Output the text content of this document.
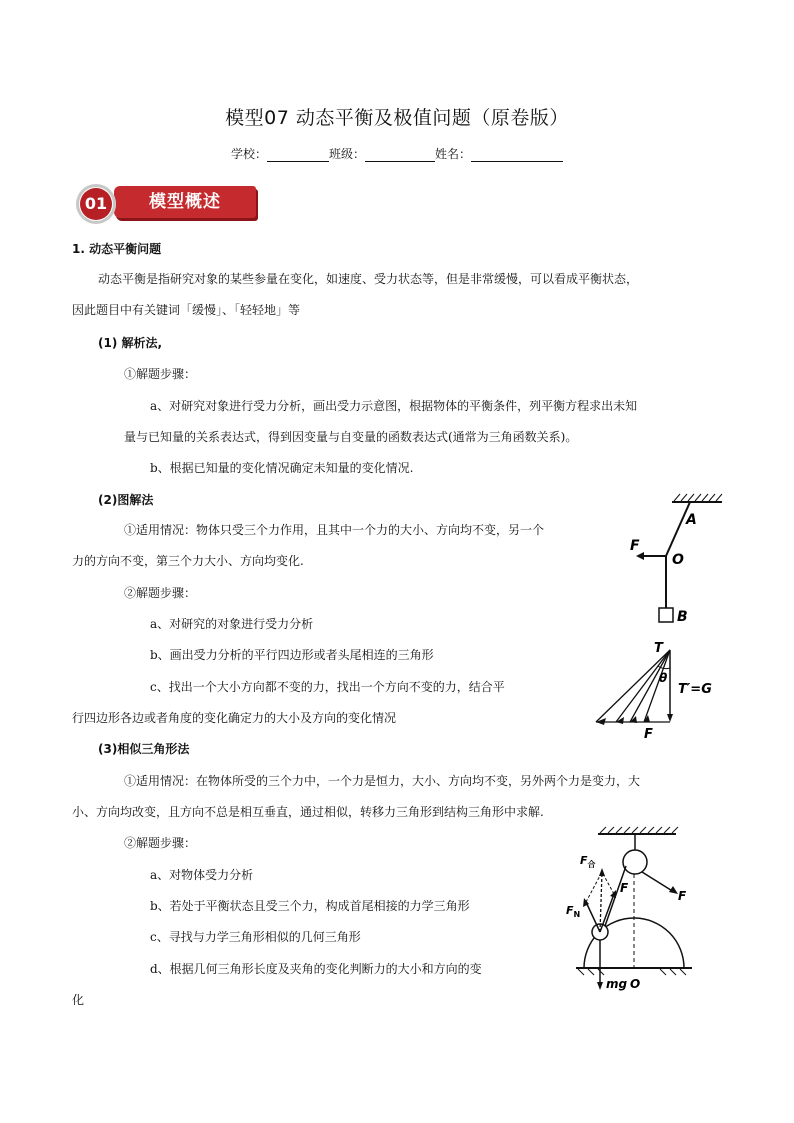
模型07 动态平衡及极值问题（原卷版）
学校：	班级：	姓名：
模型概述
01
1. 动态平衡问题
动态平衡是指研究对象的某些参量在变化，如速度、受力状态等，但是非常缓慢，可以看成平衡状态，
因此题目中有关键词「缓慢」、「轻轻地」等
(1) 解析法,
①解题步骤：
a、对研究对象进行受力分析，画出受力示意图，根据物体的平衡条件，列平衡方程求出未知
量与已知量的关系表达式，得到因变量与自变量的函数表达式(通常为三角函数关系)。
b、根据已知量的变化情况确定未知量的变化情况.
(2)图解法
①适用情况：物体只受三个力作用，且其中一个力的大小、方向均不变，另一个
力的方向不变，第三个力大小、方向均变化.
②解题步骤：
a、对研究的对象进行受力分析
b、画出受力分析的平行四边形或者头尾相连的三角形
c、找出一个大小方向都不变的力，找出一个方向不变的力，结合平
行四边形各边或者角度的变化确定力的大小及方向的变化情况
(3)相似三角形法
①适用情况：在物体所受的三个力中，一个力是恒力，大小、方向均不变，另外两个力是变力，大
小、方向均改变，且方向不总是相互垂直，通过相似，转移力三角形到结构三角形中求解.
②解题步骤：
a、对物体受力分析
b、若处于平衡状态且受三个力，构成首尾相接的力学三角形
c、寻找与力学三角形相似的几何三角形
d、根据几何三角形长度及夹角的变化判断力的大小和方向的变
化
A
O
F
B
T
θ
T′=G
F
$F_合$
F
F
$F_N$
mg O
